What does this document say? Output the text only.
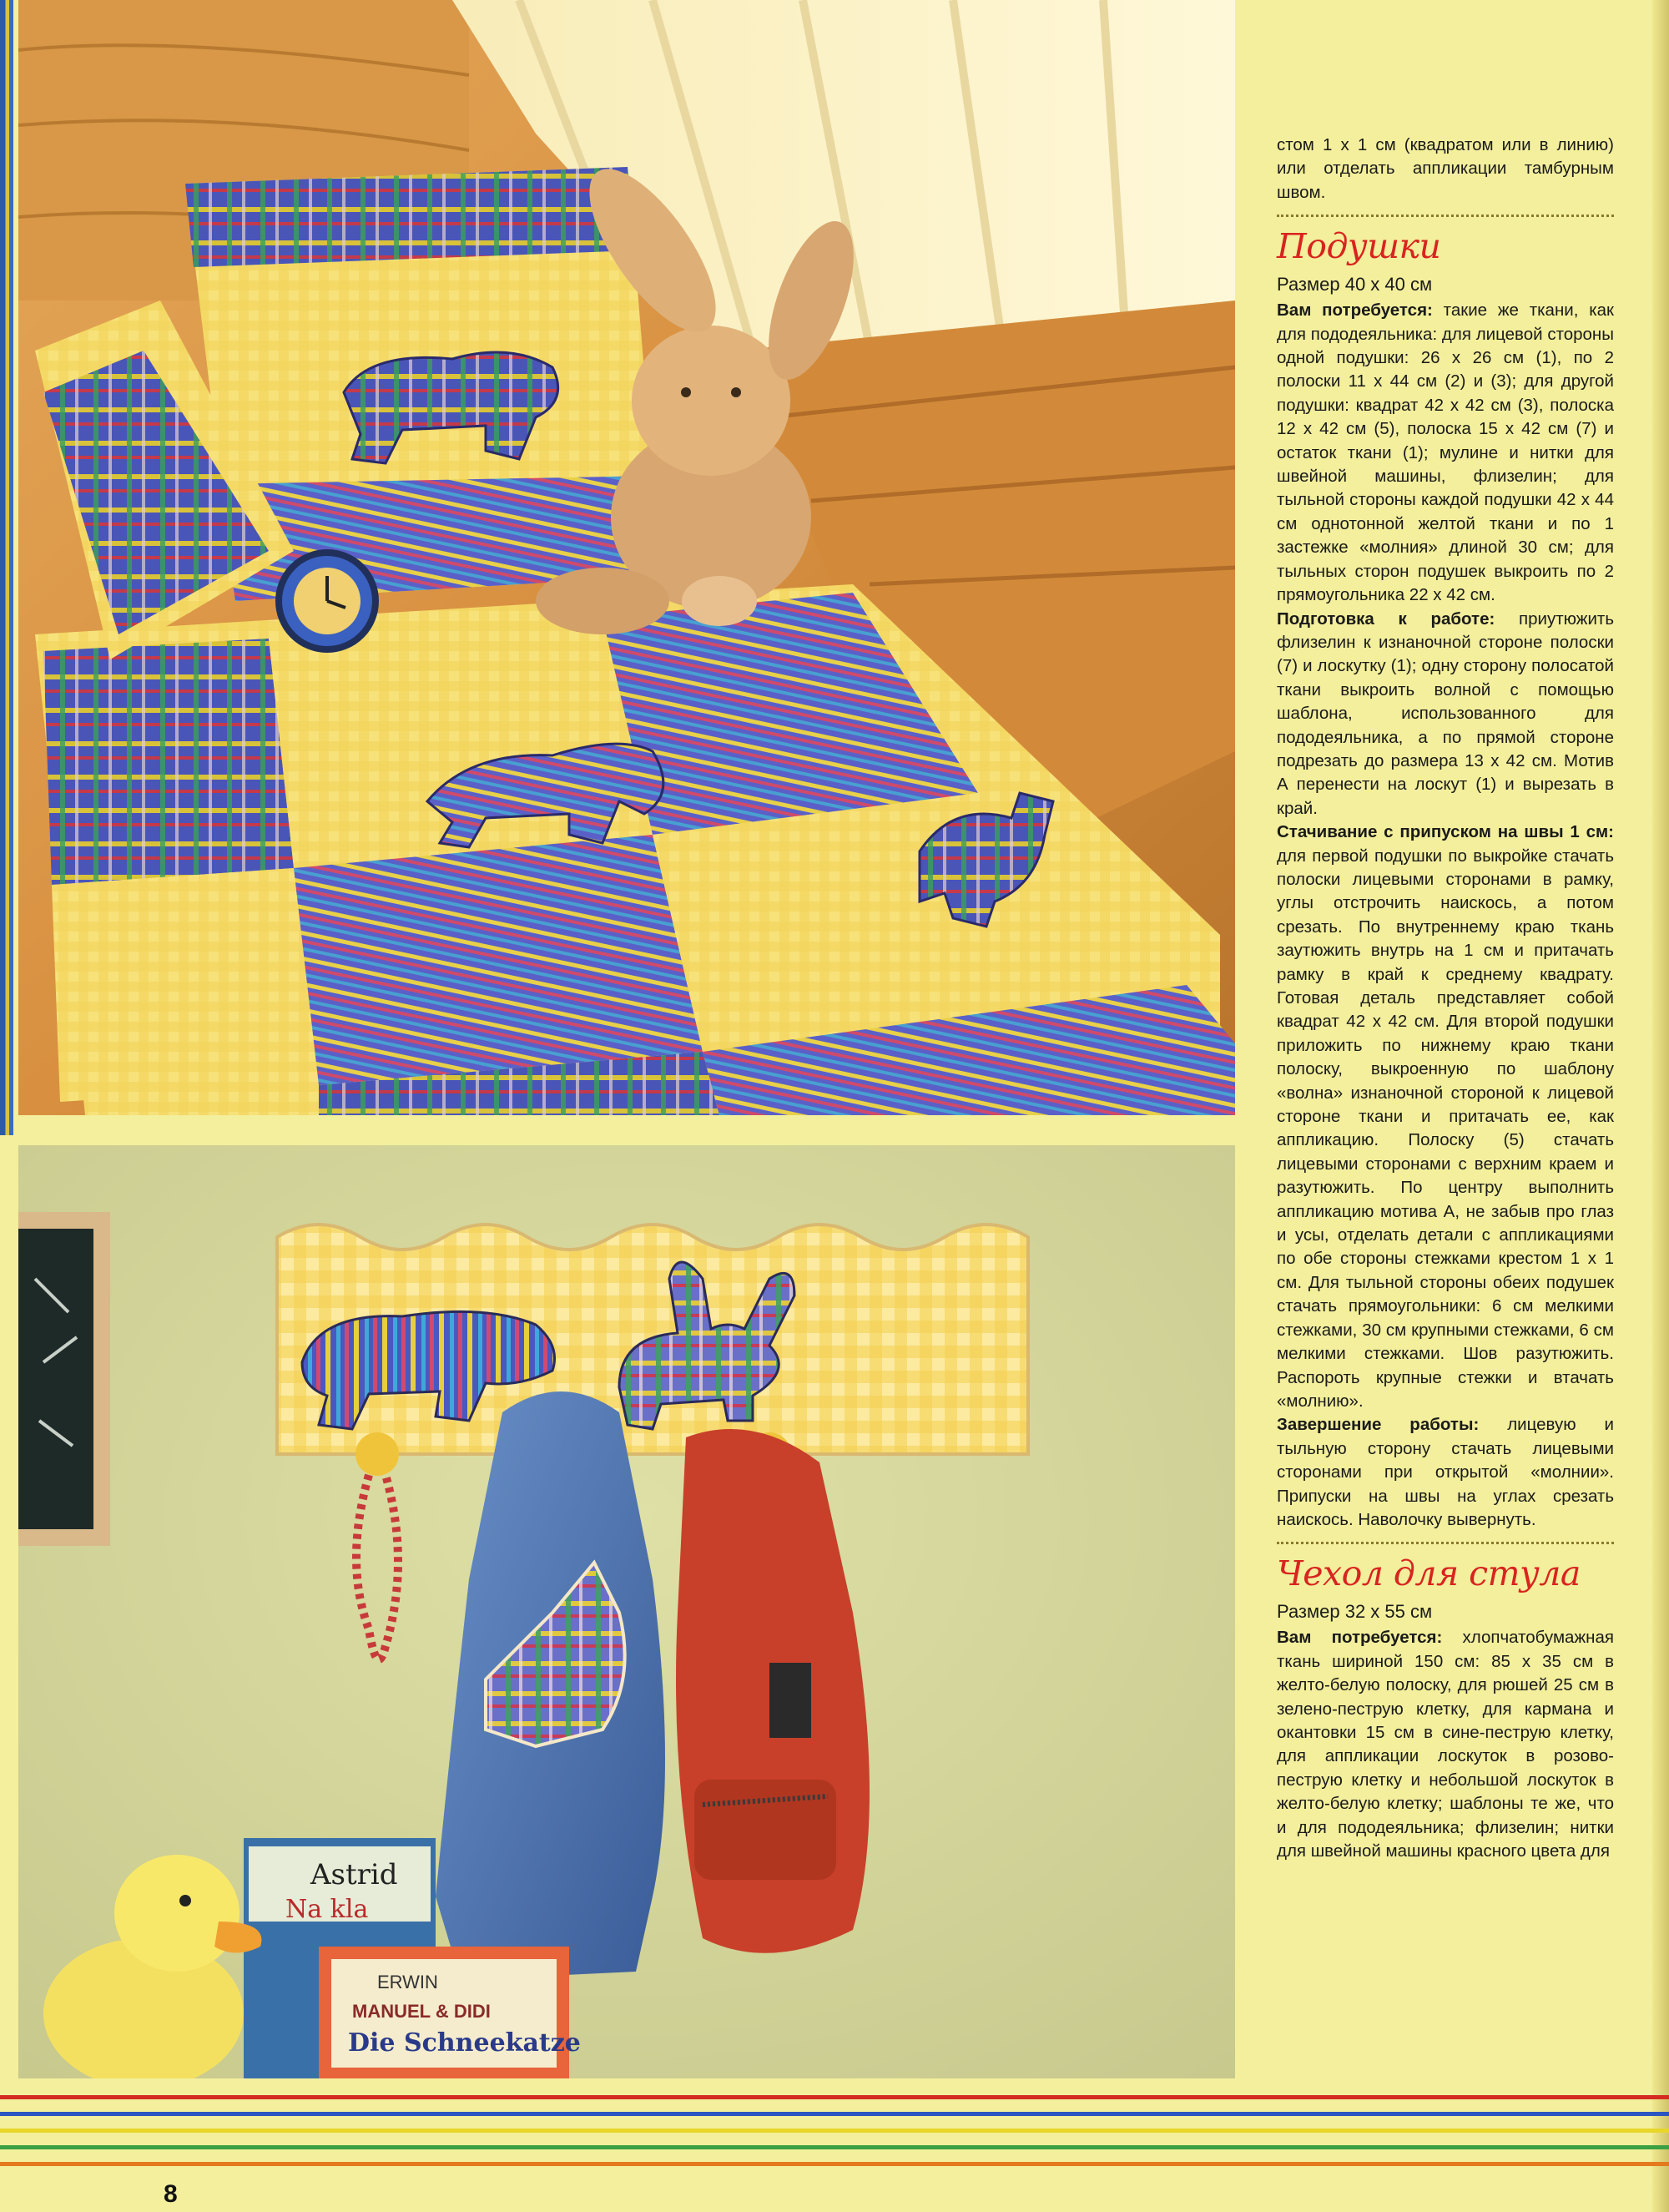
Astrid
Na kla
ERWIN
MANUEL & DIDI
Die Schneekatze

стом 1 x 1 см (квадратом или в линию) или отделать аппликации тамбурным швом.

Подушки
Размер 40 х 40 см

Вам потребуется: такие же ткани, как для пододеяльника: для лицевой стороны одной подушки: 26 х 26 см (1), по 2 полоски 11 х 44 см (2) и (3); для другой подушки: квадрат 42 х 42 см (3), полоска 12 х 42 см (5), полоска 15 х 42 см (7) и остаток ткани (1); мулине и нитки для швейной машины, флизелин; для тыльной стороны каждой подушки 42 х 44 см однотонной желтой ткани и по 1 застежке «молния» длиной 30 см; для тыльных сторон подушек выкроить по 2 прямоугольника 22 х 42 см.

Подготовка к работе: приутюжить флизелин к изнаночной стороне полоски (7) и лоскутку (1); одну сторону полосатой ткани выкроить волной с помощью шаблона, использованного для пододеяльника, а по прямой стороне подрезать до размера 13 х 42 см. Мотив А перенести на лоскут (1) и вырезать в край.

Стачивание с припуском на швы 1 см: для первой подушки по выкройке стачать полоски лицевыми сторонами в рамку, углы отстрочить наискось, а потом срезать. По внутреннему краю ткань заутюжить внутрь на 1 см и притачать рамку в край к среднему квадрату. Готовая деталь представляет собой квадрат 42 х 42 см. Для второй подушки приложить по нижнему краю ткани полоску, выкроенную по шаблону «волна» изнаночной стороной к лицевой стороне ткани и притачать ее, как аппликацию. Полоску (5) стачать лицевыми сторонами с верхним краем и разутюжить. По центру выполнить аппликацию мотива А, не забыв про глаз и усы, отделать детали с аппликациями по обе стороны стежками крестом 1 х 1 см. Для тыльной стороны обеих подушек стачать прямоугольники: 6 см мелкими стежками, 30 см крупными стежками, 6 см мелкими стежками. Шов разутюжить. Распороть крупные стежки и втачать «молнию».

Завершение работы: лицевую и тыльную сторону стачать лицевыми сторонами при открытой «молнии». Припуски на швы на углах срезать наискось. Наволочку вывернуть.

Чехол для стула
Размер 32 х 55 см

Вам потребуется: хлопчатобумажная ткань шириной 150 см: 85 х 35 см в желто-белую полоску, для рюшей 25 см в зелено-пеструю клетку, для кармана и окантовки 15 см в сине-пеструю клетку, для аппликации лоскуток в розово-пеструю клетку и небольшой лоскуток в желто-белую клетку; шаблоны те же, что и для пододеяльника; флизелин; нитки для швейной машины красного цвета для

8
